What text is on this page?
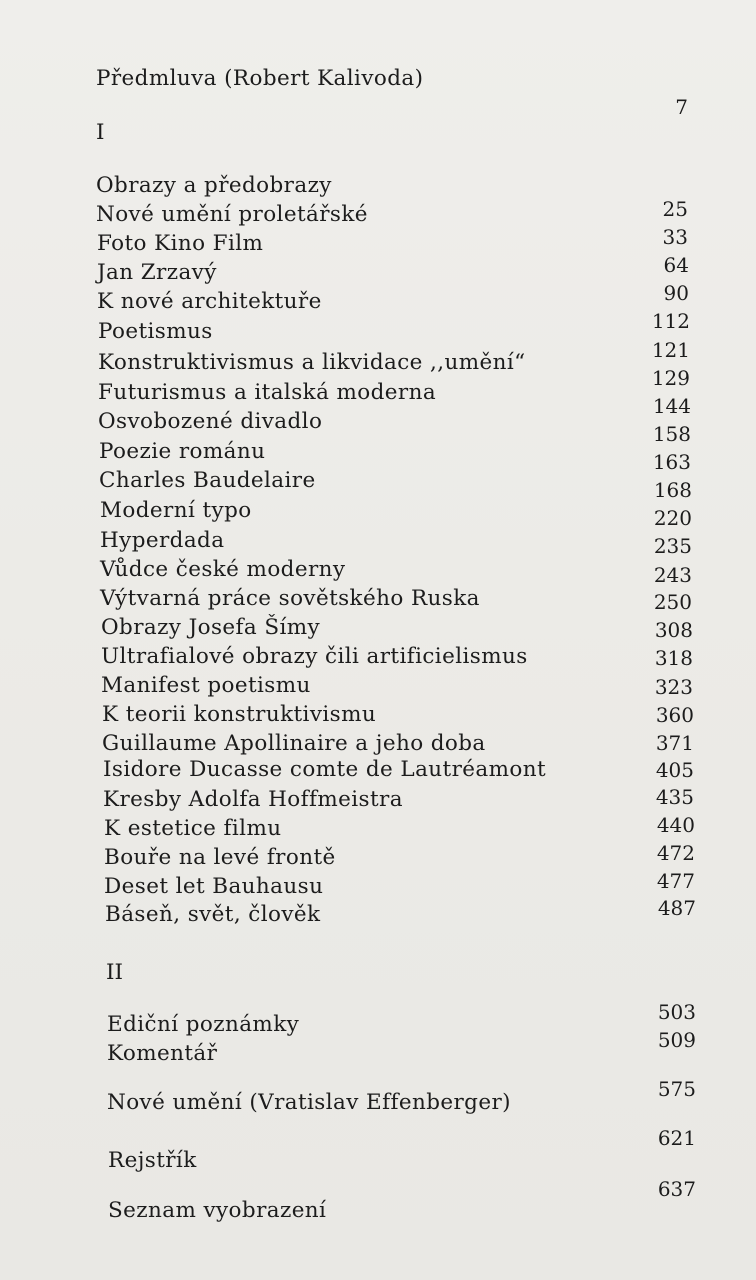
Předmluva (Robert Kalivoda)
7
I
Obrazy a předobrazy
Nové umění proletářské
Foto Kino Film
Jan Zrzavý
K nové architektuře
Poetismus
Konstruktivismus a likvidace ,,umění“
Futurismus a italská moderna
Osvobozené divadlo
Poezie románu
Charles Baudelaire
Moderní typo
Hyperdada
Vůdce české moderny
Výtvarná práce sovětského Ruska
Obrazy Josefa Šímy
Ultrafialové obrazy čili artificielismus
Manifest poetismu
K teorii konstruktivismu
Guillaume Apollinaire a jeho doba
Isidore Ducasse comte de Lautréamont
Kresby Adolfa Hoffmeistra
K estetice filmu
Bouře na levé frontě
Deset let Bauhausu
Báseň, svět, člověk
25
33
64
90
112
121
129
144
158
163
168
220
235
243
250
308
318
323
360
371
405
435
440
472
477
487
II
Ediční poznámky	503
Komentář
509
Nové umění (Vratislav Effenberger)
575
Rejstřík
621
Seznam vyobrazení
637
